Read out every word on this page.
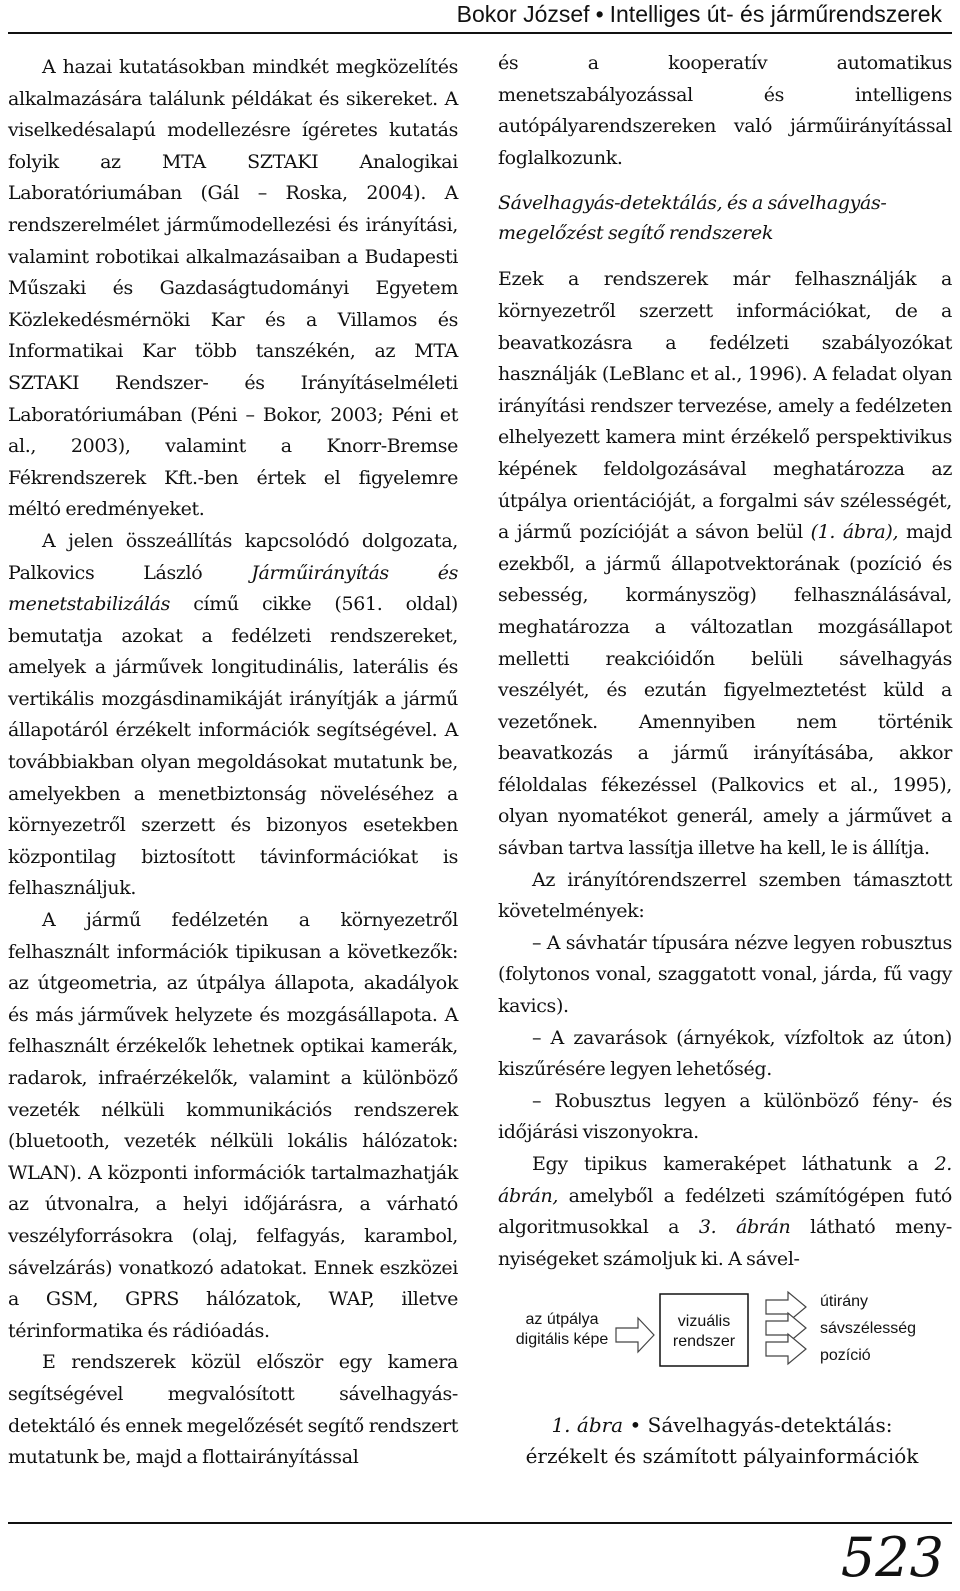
Bokor József • Intelliges út- és járműrendszerek

A hazai kutatásokban mindkét megközelítés alkalmazására találunk példákat és sikereket. A viselkedésalapú modellezésre ígéretes kutatás folyik az MTA SZTAKI Analogikai Laboratóriumában (Gál – Roska, 2004). A rendszerelmélet járműmodellezési és irányítási, valamint robotikai alkalmazásaiban a Budapesti Műszaki és Gazdaságtudományi Egyetem Közlekedésmérnöki Kar és a Villamos és Informatikai Kar több tanszékén, az MTA SZTAKI Rendszer- és Irányításelméleti Laboratóriumában (Péni – Bokor, 2003; Péni et al., 2003), valamint a Knorr-Bremse Fékrendszerek Kft.-ben értek el figyelemre méltó eredményeket.

A jelen összeállítás kapcsolódó dolgozata, Palkovics László Járműirányítás és menetstabilizálás című cikke (561. oldal) bemutatja azokat a fedélzeti rendszereket, amelyek a járművek longitudinális, laterális és vertikális mozgásdinamikáját irányítják a jármű állapotáról érzékelt információk segítségével. A továbbiakban olyan megoldásokat mutatunk be, amelyekben a menetbiztonság növeléséhez a környezetről szerzett és bizonyos esetekben központilag biztosított távinformációkat is felhasználjuk.

A jármű fedélzetén a környezetről felhasznált információk tipikusan a következők: az útgeometria, az útpálya állapota, akadályok és más járművek helyzete és mozgásállapota. A felhasznált érzékelők lehetnek optikai kamerák, radarok, infraérzékelők, valamint a különböző vezeték nélküli kommunikációs rendszerek (bluetooth, vezeték nélküli lokális hálózatok: WLAN). A központi információk tartalmazhatják az útvonalra, a helyi időjárásra, a várható veszélyforrásokra (olaj, felfagyás, karambol, sávelzárás) vonatkozó adatokat. Ennek eszközei a GSM, GPRS hálózatok, WAP, illetve térinformatika és rádióadás.

E rendszerek közül először egy kamera segítségével megvalósított sávelhagyás-detektáló és ennek megelőzését segítő rendszert mutatunk be, majd a flottairányítással

és a kooperatív automatikus menetszabályozással és intelligens autópályarendszereken való járműirányítással foglalkozunk.

Sávelhagyás-detektálás, és a sávelhagyás-megelőzést segítő rendszerek

Ezek a rendszerek már felhasználják a környezetről szerzett információkat, de a beavatkozásra a fedélzeti szabályozókat használják (LeBlanc et al., 1996). A feladat olyan irányítási rendszer tervezése, amely a fedélzeten elhelyezett kamera mint érzékelő perspektivikus képének feldolgozásával meghatározza az útpálya orientációját, a forgalmi sáv szélességét, a jármű pozícióját a sávon belül (1. ábra), majd ezekből, a jármű állapotvektorának (pozíció és sebesség, kormányszög) felhasználásával, meghatározza a változatlan mozgásállapot melletti reakcióidőn belüli sávelhagyás veszélyét, és ezután figyelmeztetést küld a vezetőnek. Amennyiben nem történik beavatkozás a jármű irányításába, akkor féloldalas fékezéssel (Palkovics et al., 1995), olyan nyomatékot generál, amely a járművet a sávban tartva lassítja illetve ha kell, le is állítja.

Az irányítórendszerrel szemben támasztott követelmények:

– A sávhatár típusára nézve legyen robusztus (folytonos vonal, szaggatott vonal, járda, fű vagy kavics).

– A zavarások (árnyékok, vízfoltok az úton) kiszűrésére legyen lehetőség.

– Robusztus legyen a különböző fény- és időjárási viszonyokra.

Egy tipikus kameraképet láthatunk a 2. ábrán, amelyből a fedélzeti számítógépen futó algoritmusokkal a 3. ábrán látható meny-nyiségeket számoljuk ki. A sável-

az útpálya
digitális képe
vizuális
rendszer
útirány
sávszélesség
pozíció
1. ábra • Sávelhagyás-detektálás:
érzékelt és számított pályainformációk
523
